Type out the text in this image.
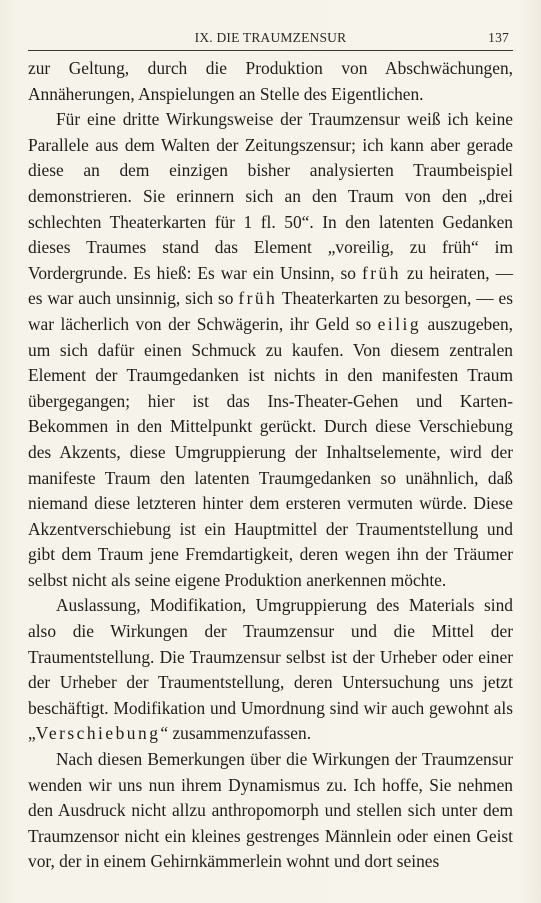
IX. DIE TRAUMZENSUR	137

zur Geltung, durch die Produktion von Abschwächungen, Annäherungen, Anspielungen an Stelle des Eigentlichen.

Für eine dritte Wirkungsweise der Traumzensur weiß ich keine Parallele aus dem Walten der Zeitungszensur; ich kann aber gerade diese an dem einzigen bisher analysierten Traumbeispiel demonstrieren. Sie erinnern sich an den Traum von den „drei schlechten Theaterkarten für 1 fl. 50“. In den latenten Gedanken dieses Traumes stand das Element „voreilig, zu früh“ im Vordergrunde. Es hieß: Es war ein Unsinn, so früh zu heiraten, — es war auch unsinnig, sich so früh Theaterkarten zu besorgen, — es war lächerlich von der Schwägerin, ihr Geld so eilig auszugeben, um sich dafür einen Schmuck zu kaufen. Von diesem zentralen Element der Traumgedanken ist nichts in den manifesten Traum übergegangen; hier ist das Ins-Theater-Gehen und Karten-Bekommen in den Mittelpunkt gerückt. Durch diese Verschiebung des Akzents, diese Umgruppierung der Inhaltselemente, wird der manifeste Traum den latenten Traumgedanken so unähnlich, daß niemand diese letzteren hinter dem ersteren vermuten würde. Diese Akzentverschiebung ist ein Hauptmittel der Traumentstellung und gibt dem Traum jene Fremdartigkeit, deren wegen ihn der Träumer selbst nicht als seine eigene Produktion anerkennen möchte.

Auslassung, Modifikation, Umgruppierung des Materials sind also die Wirkungen der Traumzensur und die Mittel der Traumentstellung. Die Traumzensur selbst ist der Urheber oder einer der Urheber der Traumentstellung, deren Untersuchung uns jetzt beschäftigt. Modifikation und Umordnung sind wir auch gewohnt als „Verschiebung“ zusammenzufassen.

Nach diesen Bemerkungen über die Wirkungen der Traumzensur wenden wir uns nun ihrem Dynamismus zu. Ich hoffe, Sie nehmen den Ausdruck nicht allzu anthropomorph und stellen sich unter dem Traumzensor nicht ein kleines gestrenges Männlein oder einen Geist vor, der in einem Gehirnkämmerlein wohnt und dort seines
